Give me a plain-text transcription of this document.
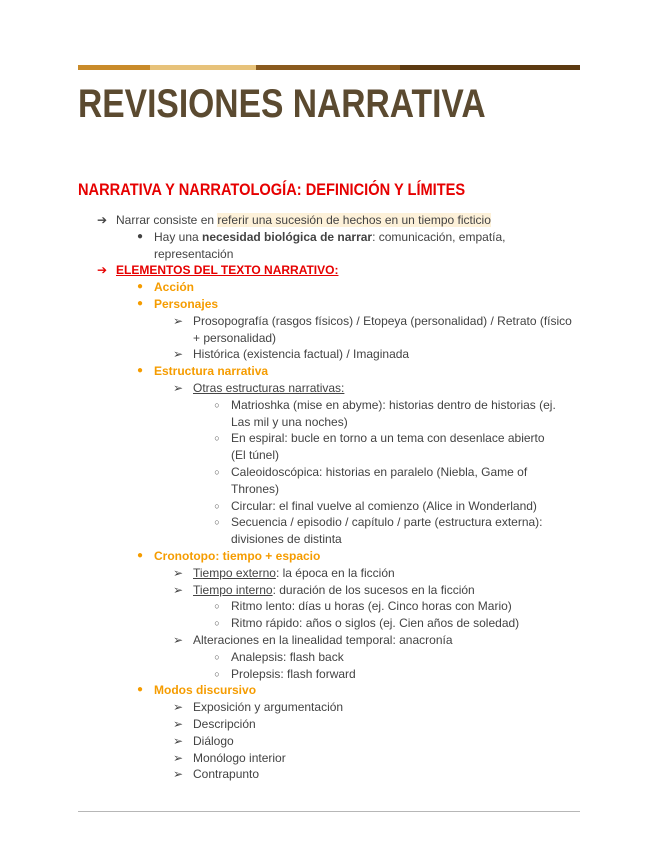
REVISIONES NARRATIVA
NARRATIVA Y NARRATOLOGÍA: DEFINICIÓN Y LÍMITES
➔ Narrar consiste en referir una sucesión de hechos en un tiempo ficticio
● Hay una necesidad biológica de narrar: comunicación, empatía, representación
➔ ELEMENTOS DEL TEXTO NARRATIVO:
● Acción
● Personajes
➢ Prosopografía (rasgos físicos) / Etopeya (personalidad) / Retrato (físico + personalidad)
➢ Histórica (existencia factual) / Imaginada
● Estructura narrativa
➢ Otras estructuras narrativas:
○ Matrioshka (mise en abyme): historias dentro de historias (ej. Las mil y una noches)
○ En espiral: bucle en torno a un tema con desenlace abierto (El túnel)
○ Caleoidoscópica: historias en paralelo (Niebla, Game of Thrones)
○ Circular: el final vuelve al comienzo (Alice in Wonderland)
○ Secuencia / episodio / capítulo / parte (estructura externa): divisiones de distinta
● Cronotopo: tiempo + espacio
➢ Tiempo externo: la época en la ficción
➢ Tiempo interno: duración de los sucesos en la ficción
○ Ritmo lento: días u horas (ej. Cinco horas con Mario)
○ Ritmo rápido: años o siglos (ej. Cien años de soledad)
➢ Alteraciones en la linealidad temporal: anacronía
○ Analepsis: flash back
○ Prolepsis: flash forward
● Modos discursivo
➢ Exposición y argumentación
➢ Descripción
➢ Diálogo
➢ Monólogo interior
➢ Contrapunto
